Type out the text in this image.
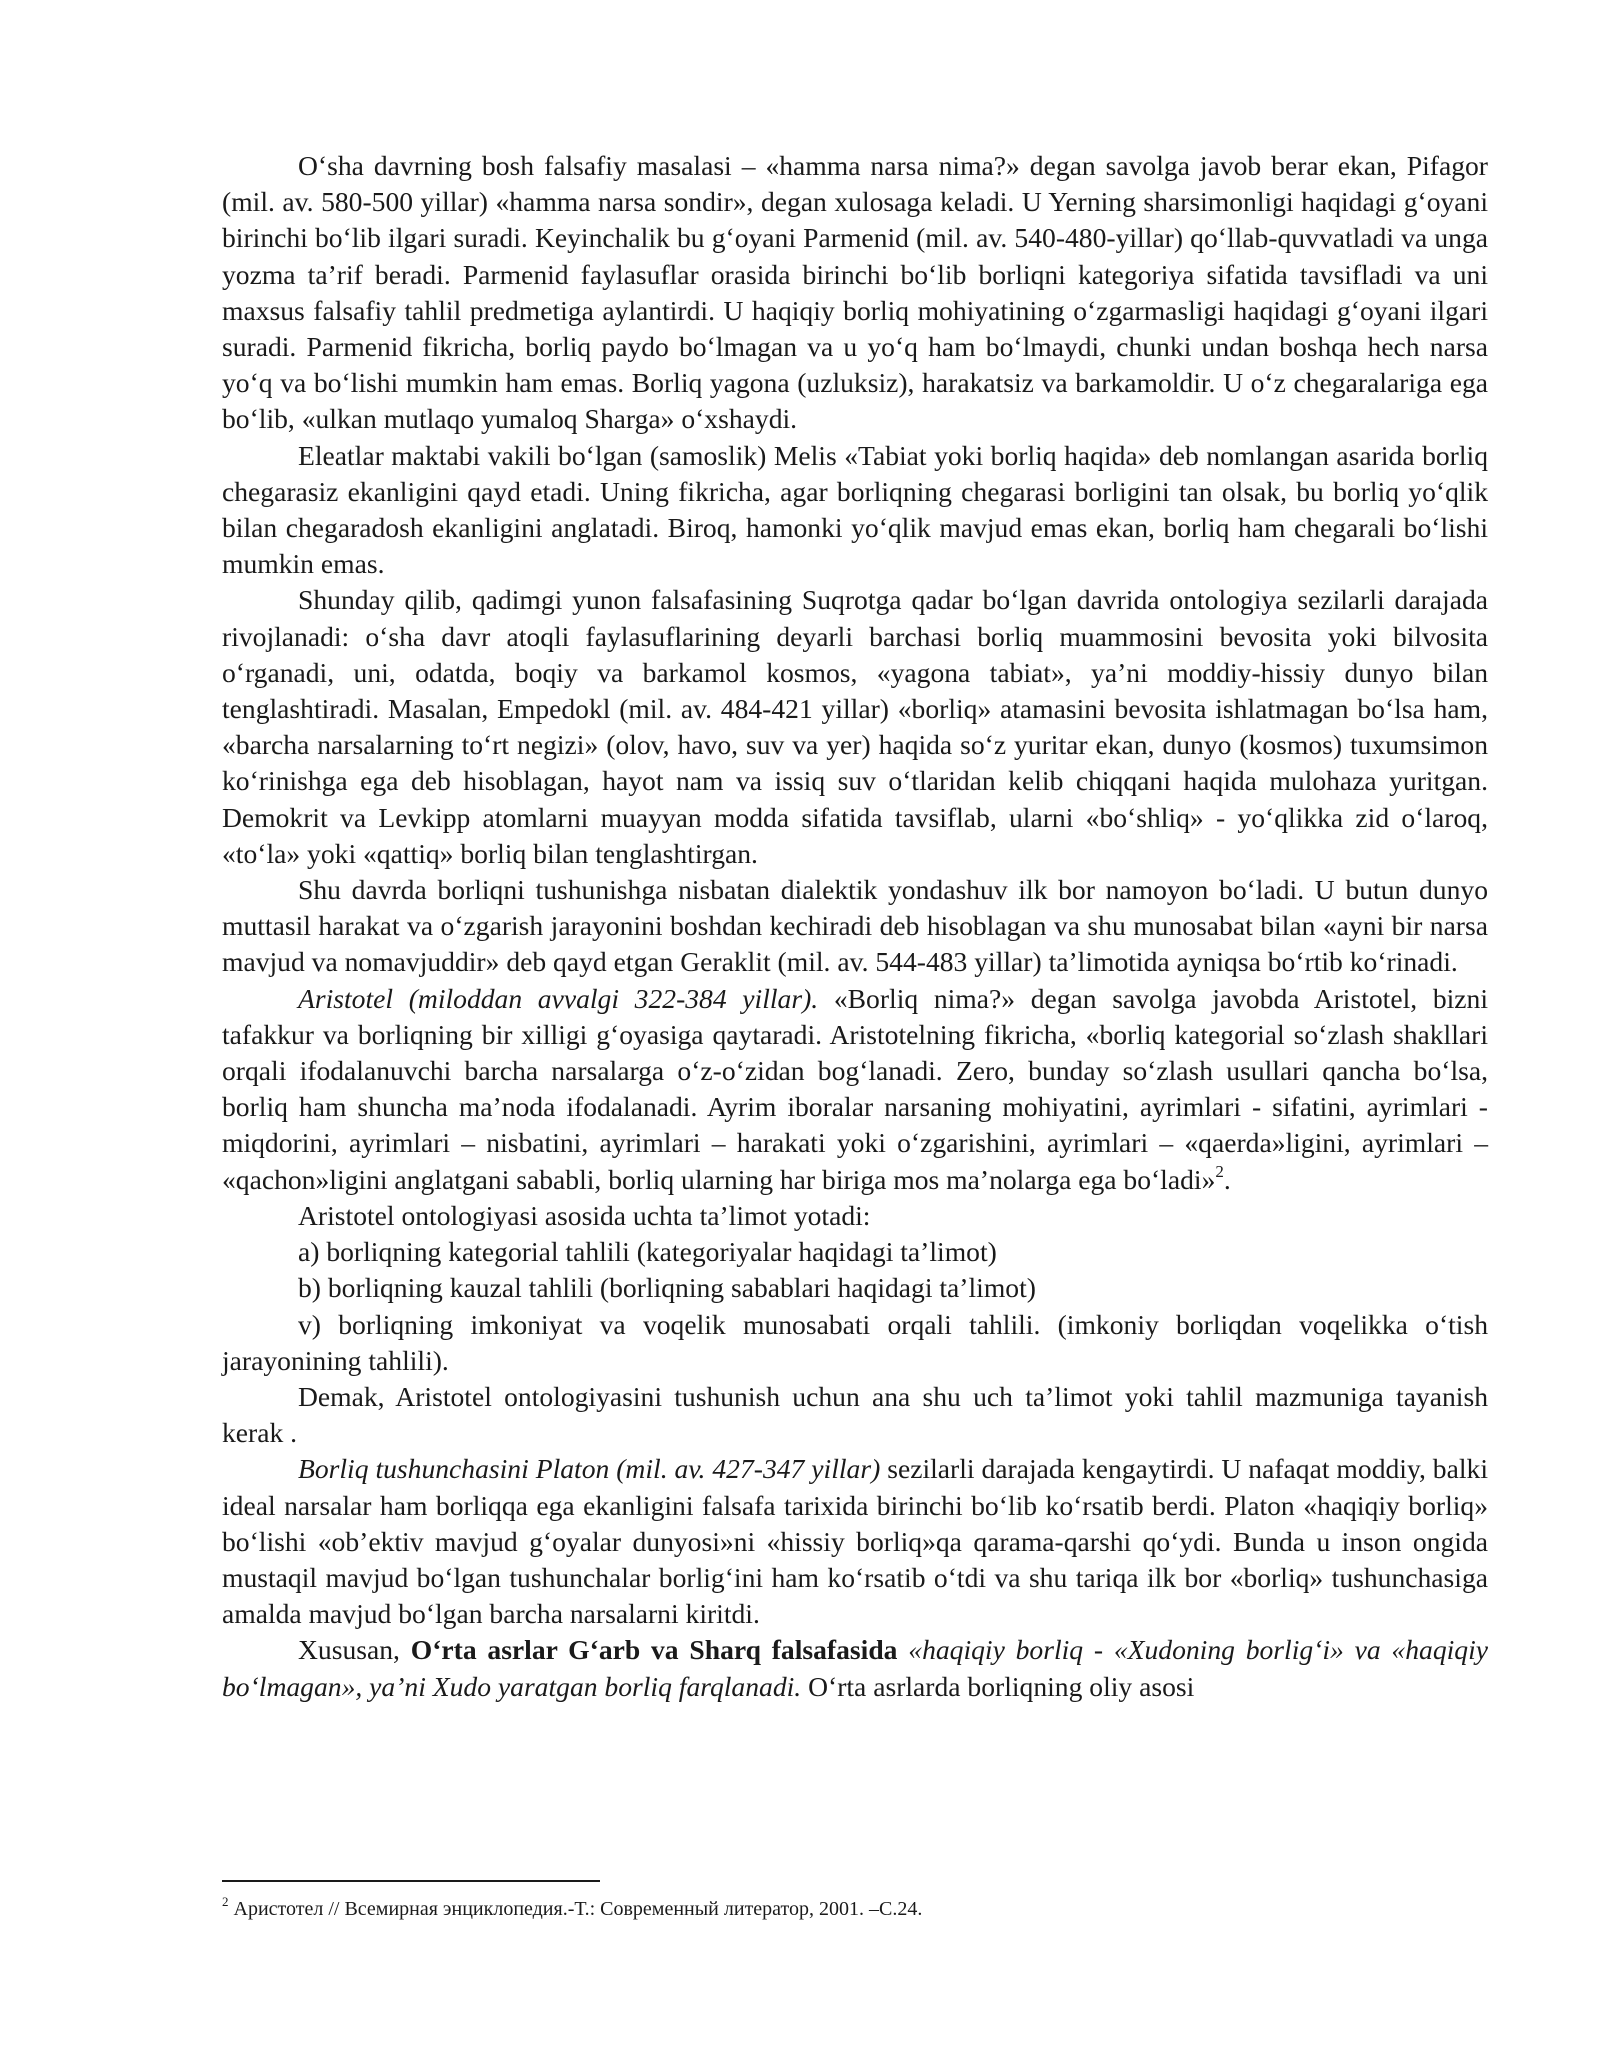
O‘sha davrning bosh falsafiy masalasi – «hamma narsa nima?» degan savolga javob berar ekan, Pifagor (mil. av. 580-500 yillar) «hamma narsa sondir», degan xulosaga keladi. U Yerning sharsimonligi haqidagi g‘oyani birinchi bo‘lib ilgari suradi. Keyinchalik bu g‘oyani Parmenid (mil. av. 540-480-yillar) qo‘llab-quvvatladi va unga yozma ta’rif beradi. Parmenid faylasuflar orasida birinchi bo‘lib borliqni kategoriya sifatida tavsifladi va uni maxsus falsafiy tahlil predmetiga aylantirdi. U haqiqiy borliq mohiyatining o‘zgarmasligi haqidagi g‘oyani ilgari suradi. Parmenid fikricha, borliq paydo bo‘lmagan va u yo‘q ham bo‘lmaydi, chunki undan boshqa hech narsa yo‘q va bo‘lishi mumkin ham emas. Borliq yagona (uzluksiz), harakatsiz va barkamoldir. U o‘z chegaralariga ega bo‘lib, «ulkan mutlaqo yumaloq Sharga» o‘xshaydi.

Eleatlar maktabi vakili bo‘lgan (samoslik) Melis «Tabiat yoki borliq haqida» deb nomlangan asarida borliq chegarasiz ekanligini qayd etadi. Uning fikricha, agar borliqning chegarasi borligini tan olsak, bu borliq yo‘qlik bilan chegaradosh ekanligini anglatadi. Biroq, hamonki yo‘qlik mavjud emas ekan, borliq ham chegarali bo‘lishi mumkin emas.

Shunday qilib, qadimgi yunon falsafasining Suqrotga qadar bo‘lgan davrida ontologiya sezilarli darajada rivojlanadi: o‘sha davr atoqli faylasuflarining deyarli barchasi borliq muammosini bevosita yoki bilvosita o‘rganadi, uni, odatda, boqiy va barkamol kosmos, «yagona tabiat», ya’ni moddiy-hissiy dunyo bilan tenglashtiradi. Masalan, Empedokl (mil. av. 484-421 yillar) «borliq» atamasini bevosita ishlatmagan bo‘lsa ham, «barcha narsalarning to‘rt negizi» (olov, havo, suv va yer) haqida so‘z yuritar ekan, dunyo (kosmos) tuxumsimon ko‘rinishga ega deb hisoblagan, hayot nam va issiq suv o‘tlaridan kelib chiqqani haqida mulohaza yuritgan. Demokrit va Levkipp atomlarni muayyan modda sifatida tavsiflab, ularni «bo‘shliq» - yo‘qlikka zid o‘laroq, «to‘la» yoki «qattiq» borliq bilan tenglashtirgan.

Shu davrda borliqni tushunishga nisbatan dialektik yondashuv ilk bor namoyon bo‘ladi. U butun dunyo muttasil harakat va o‘zgarish jarayonini boshdan kechiradi deb hisoblagan va shu munosabat bilan «ayni bir narsa mavjud va nomavjuddir» deb qayd etgan Geraklit (mil. av. 544-483 yillar) ta’limotida ayniqsa bo‘rtib ko‘rinadi.

Aristotel (miloddan avvalgi 322-384 yillar). «Borliq nima?» degan savolga javobda Aristotel, bizni tafakkur va borliqning bir xilligi g‘oyasiga qaytaradi. Aristotelning fikricha, «borliq kategorial so‘zlash shakllari orqali ifodalanuvchi barcha narsalarga o‘z-o‘zidan bog‘lanadi. Zero, bunday so‘zlash usullari qancha bo‘lsa, borliq ham shuncha ma’noda ifodalanadi. Ayrim iboralar narsaning mohiyatini, ayrimlari - sifatini, ayrimlari - miqdorini, ayrimlari – nisbatini, ayrimlari – harakati yoki o‘zgarishini, ayrimlari – «qaerda»ligini, ayrimlari – «qachon»ligini anglatgani sababli, borliq ularning har biriga mos ma’nolarga ega bo‘ladi»$^2$.

Aristotel ontologiyasi asosida uchta ta’limot yotadi:

a) borliqning kategorial tahlili (kategoriyalar haqidagi ta’limot)

b) borliqning kauzal tahlili (borliqning sabablari haqidagi ta’limot)

v) borliqning imkoniyat va voqelik munosabati orqali tahlili. (imkoniy borliqdan voqelikka o‘tish jarayonining tahlili).

Demak, Aristotel ontologiyasini tushunish uchun ana shu uch ta’limot yoki tahlil mazmuniga tayanish kerak .

Borliq tushunchasini Platon (mil. av. 427-347 yillar) sezilarli darajada kengaytirdi. U nafaqat moddiy, balki ideal narsalar ham borliqqa ega ekanligini falsafa tarixida birinchi bo‘lib ko‘rsatib berdi. Platon «haqiqiy borliq» bo‘lishi «ob’ektiv mavjud g‘oyalar dunyosi»ni «hissiy borliq»qa qarama-qarshi qo‘ydi. Bunda u inson ongida mustaqil mavjud bo‘lgan tushunchalar borlig‘ini ham ko‘rsatib o‘tdi va shu tariqa ilk bor «borliq» tushunchasiga amalda mavjud bo‘lgan barcha narsalarni kiritdi.

Xususan, O‘rta asrlar G‘arb va Sharq falsafasida «haqiqiy borliq - «Xudoning borlig‘i» va «haqiqiy bo‘lmagan», ya’ni Xudo yaratgan borliq farqlanadi. O‘rta asrlarda borliqning oliy asosi

$^2$ Аристотел // Всемирная энциклопедия.-Т.: Современный литератор, 2001. –С.24.
